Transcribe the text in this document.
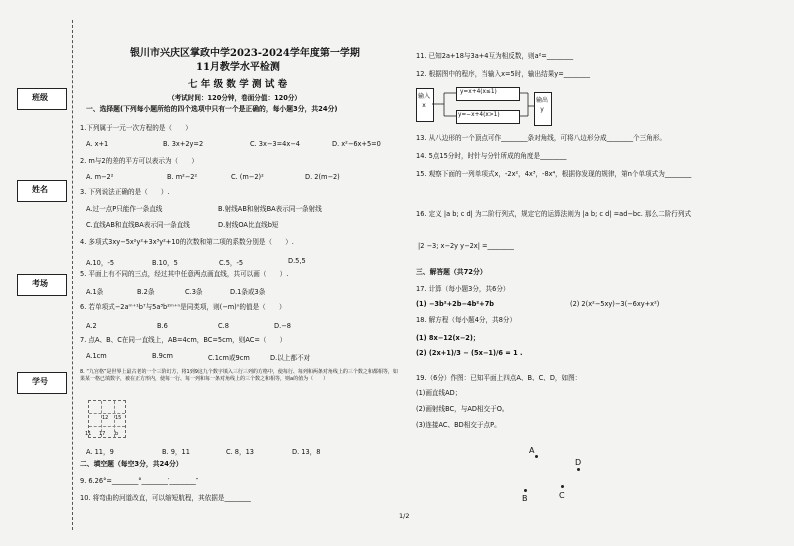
班级
姓名
考场
学号
银川市兴庆区掌政中学2023-2024学年度第一学期
11月教学水平检测
七 年 级 数 学 测 试 卷
（考试时间：120分钟，卷面分值：120分）
一、选择题(下列每小题所给的四个选项中只有一个是正确的，每小题3分，共24分)
1.下列属于一元一次方程的是（　　）
A. x+1	B. 3x+2y=2	C. 3x−3=4x−4	D. x²−6x+5=0
2. m与2的差的平方可以表示为（　　）
A. m−2²	B. m²−2²	C. (m−2)²	D. 2(m−2)
3. 下列说法正确的是（　　）.
A.过一点P只能作一条直线	B.射线AB和射线BA表示同一条射线
C.直线AB和直线BA表示同一条直线	D.射线OA比直线b短
4. 多项式3xy−5x²y²+3x³y²+10的次数和第二项的系数分别是（　　）.
A.10，-5	B.10，5	C.5，-5	D.5,5
5. 平面上有不同的三点，经过其中任意两点画直线，共可以画（　　）.
A.1条	B.2条	C.3条	D.1条或3条
6. 若单项式−2aᵐ⁺¹b⁷与5a³b²ᵐ⁺ⁿ是同类项，则(−m)ⁿ的值是（　　）
A.2	B.6	C.8	D.−8
7. 点A、B、C在同一直线上，AB=4cm，BC=5cm，则AC=（　　）
A.1cm	B.9cm	C.1cm或9cm	D.以上都不对
8. “九宫格”是世界上最古老的一个三阶幻方，将1到9这九个数字填入三行三列的方格中，使每行、每列和两条对角线上的三个数之和都相等，如果某一格已填数字，被在正方形内，使每一行、每一列和每一条对角线上的三个数之和相等，则a的值为（　　）
12 15
11 17 b
A. 11，9	B. 9，11	C. 8，13	D. 13，8
二、填空题（每空3分，共24分）
9. 6.26°=________°________′________″
10. 将弯曲的河道改直，可以缩短航程，其依据是________
11. 已知2a+18与3a+4互为相反数，则a²=________
12. 根据图中的程序，当输入x=5时，输出结果y=________
输入x
y=x+4(x≤1)
y=−x+4(x>1)
输出y
13. 从八边形的一个顶点可作________条对角线，可将八边形分成________个三角形。
14. 5点15分时，时针与分针所成的角度是________
15. 观察下面的一列单项式x，-2x²，4x³，-8x⁴，根据你发现的规律，第n个单项式为________
16. 定义 |a b; c d| 为二阶行列式，规定它的运算法则为 |a b; c d| =ad−bc. 那么二阶行列式
|2 −3; x−2y y−2x| =________
三、解答题（共72分）
17. 计算（每小题3分，共6分）
(1) −3b²+2b−4b²+7b	(2) 2(x²−5xy)−3(−6xy+x²)
18. 解方程（每小题4分，共8分）
(1) 8x−12(x−2)；
(2) (2x+1)/3 − (5x−1)/6 = 1 .
19.（6分）作图：已知平面上四点A、B、C、D，如图：
(1)画直线AD；
(2)画射线BC，与AD相交于O。
(3)连接AC、BD相交于点P。
A
D
B	C
1/2
